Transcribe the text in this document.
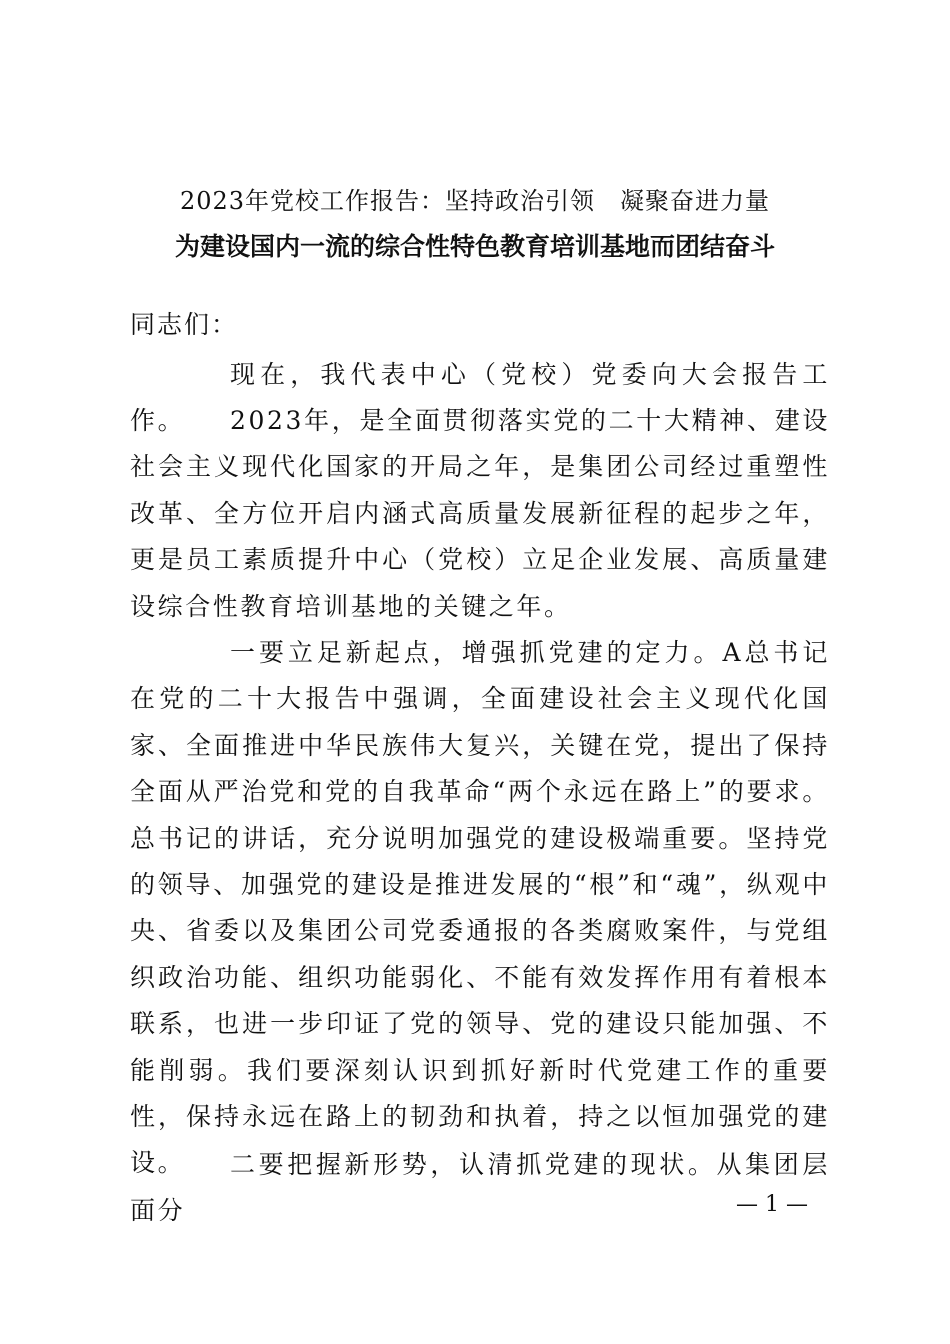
2023年党校工作报告：坚持政治引领　凝聚奋进力量
为建设国内一流的综合性特色教育培训基地而团结奋斗
同志们：

现在，我代表中心（党校）党委向大会报告工作。	2023年，是全面贯彻落实党的二十大精神、建设社会主义现代化国家的开局之年，是集团公司经过重塑性改革、全方位开启内涵式高质量发展新征程的起步之年，更是员工素质提升中心（党校）立足企业发展、高质量建设综合性教育培训基地的关键之年。

一要立足新起点，增强抓党建的定力。A总书记在党的二十大报告中强调，全面建设社会主义现代化国家、全面推进中华民族伟大复兴，关键在党，提出了保持全面从严治党和党的自我革命“两个永远在路上”的要求。总书记的讲话，充分说明加强党的建设极端重要。坚持党的领导、加强党的建设是推进发展的“根”和“魂”，纵观中央、省委以及集团公司党委通报的各类腐败案件，与党组织政治功能、组织功能弱化、不能有效发挥作用有着根本联系，也进一步印证了党的领导、党的建设只能加强、不能削弱。我们要深刻认识到抓好新时代党建工作的重要性，保持永远在路上的韧劲和执着，持之以恒加强党的建设。	二要把握新形势，认清抓党建的现状。从集团层面分	— 1 —
